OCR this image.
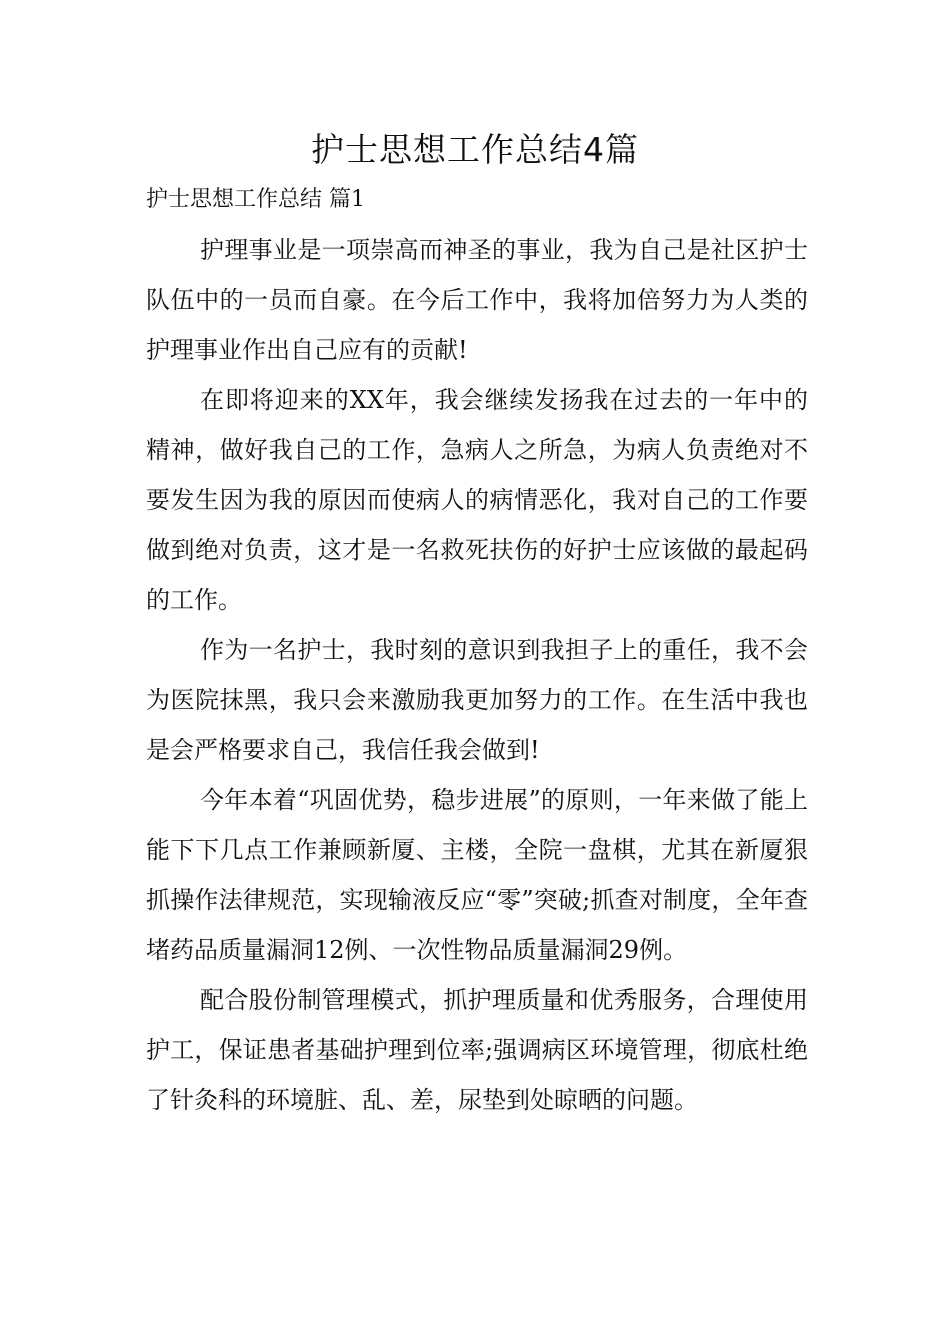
护士思想工作总结4篇
护士思想工作总结 篇1

护理事业是一项崇高而神圣的事业，我为自己是社区护士队伍中的一员而自豪。在今后工作中，我将加倍努力为人类的护理事业作出自己应有的贡献!

在即将迎来的XX年，我会继续发扬我在过去的一年中的精神，做好我自己的工作，急病人之所急，为病人负责绝对不要发生因为我的原因而使病人的病情恶化，我对自己的工作要做到绝对负责，这才是一名救死扶伤的好护士应该做的最起码的工作。

作为一名护士，我时刻的意识到我担子上的重任，我不会为医院抹黑，我只会来激励我更加努力的工作。在生活中我也是会严格要求自己，我信任我会做到!

今年本着“巩固优势，稳步进展”的原则，一年来做了能上能下下几点工作兼顾新厦、主楼，全院一盘棋，尤其在新厦狠抓操作法律规范，实现输液反应“零”突破;抓查对制度，全年查堵药品质量漏洞12例、一次性物品质量漏洞29例。

配合股份制管理模式，抓护理质量和优秀服务，合理使用护工，保证患者基础护理到位率;强调病区环境管理，彻底杜绝了针灸科的环境脏、乱、差，尿垫到处晾晒的问题。
